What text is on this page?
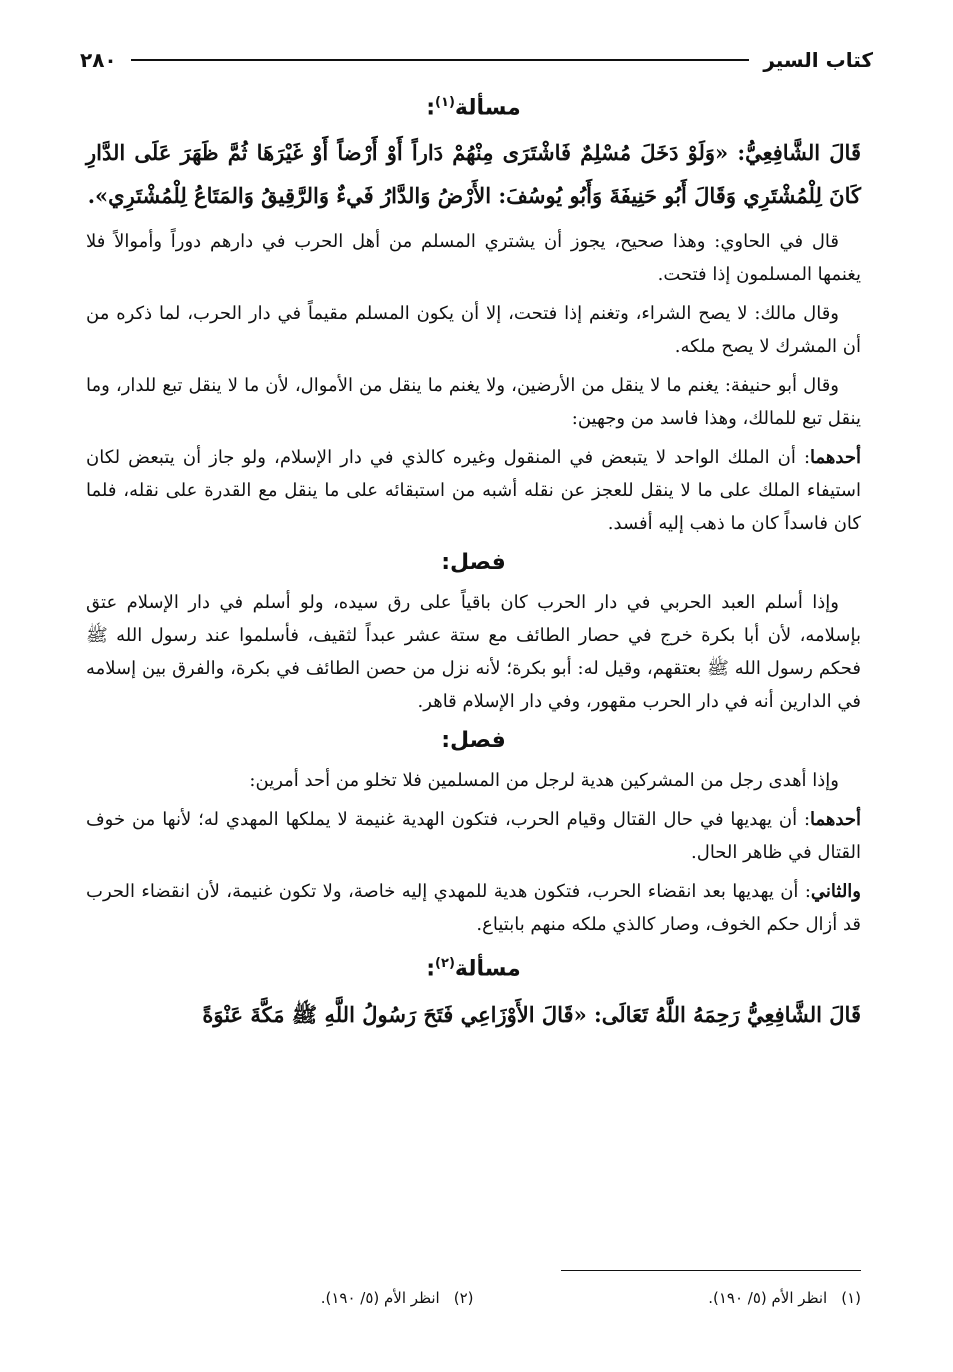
كتاب السير
٢٨٠
مسألة$^{(١)}$:

قَالَ الشَّافِعِيُّ: «وَلَوْ دَخَلَ مُسْلِمٌ فَاشْتَرَى مِنْهُمْ دَاراً أَوْ أَرْضاً أَوْ غَيْرَهَا ثُمَّ ظَهَرَ عَلَى الدَّارِ كَانَ لِلْمُشْتَرِي وَقَالَ أَبُو حَنِيفَةَ وَأَبُو يُوسُفَ: الأَرْضُ وَالدَّارُ فَيءٌ وَالرَّقِيقُ وَالمَتَاعُ لِلْمُشْتَرِي».

قال في الحاوي: وهذا صحيح، يجوز أن يشتري المسلم من أهل الحرب في دارهم دوراً وأموالاً فلا يغنمها المسلمون إذا فتحت.

وقال مالك: لا يصح الشراء، وتغنم إذا فتحت، إلا أن يكون المسلم مقيماً في دار الحرب، لما ذكره من أن المشرك لا يصح ملكه.

وقال أبو حنيفة: يغنم ما لا ينقل من الأرضين، ولا يغنم ما ينقل من الأموال، لأن ما لا ينقل تبع للدار، وما ينقل تبع للمالك، وهذا فاسد من وجهين:

أحدهما: أن الملك الواحد لا يتبعض في المنقول وغيره كالذي في دار الإسلام، ولو جاز أن يتبعض لكان استيفاء الملك على ما لا ينقل للعجز عن نقله أشبه من استبقائه على ما ينقل مع القدرة على نقله، فلما كان فاسداً كان ما ذهب إليه أفسد.

فصل:

وإذا أسلم العبد الحربي في دار الحرب كان باقياً على رق سيده، ولو أسلم في دار الإسلام عتق بإسلامه، لأن أبا بكرة خرج في حصار الطائف مع ستة عشر عبداً لثقيف، فأسلموا عند رسول الله ﷺ فحكم رسول الله ﷺ بعتقهم، وقيل له: أبو بكرة؛ لأنه نزل من حصن الطائف في بكرة، والفرق بين إسلامه في الدارين أنه في دار الحرب مقهور، وفي دار الإسلام قاهر.

فصل:

وإذا أهدى رجل من المشركين هدية لرجل من المسلمين فلا تخلو من أحد أمرين:

أحدهما: أن يهديها في حال القتال وقيام الحرب، فتكون الهدية غنيمة لا يملكها المهدي له؛ لأنها من خوف القتال في ظاهر الحال.

والثاني: أن يهديها بعد انقضاء الحرب، فتكون هدية للمهدي إليه خاصة، ولا تكون غنيمة، لأن انقضاء الحرب قد أزال حكم الخوف، وصار كالذي ملكه منهم بابتياع.

مسألة$^{(٢)}$:

قَالَ الشَّافِعِيُّ رَحِمَهُ اللَّهُ تَعَالَى: «قَالَ الأَوْزَاعِي فَتَحَ رَسُولُ اللَّهِ ﷺ مَكَّةَ عَنْوَةً

(١)انظر الأم (٥/ ١٩٠).
(٢)انظر الأم (٥/ ١٩٠).
